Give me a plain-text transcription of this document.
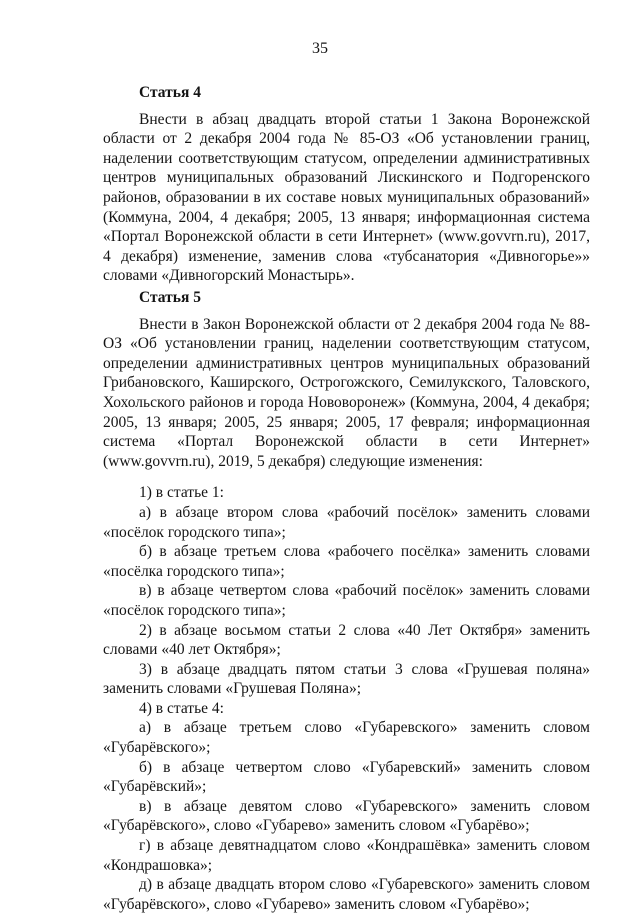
35
Статья 4

Внести в абзац двадцать второй статьи 1 Закона Воронежской области от 2 декабря 2004 года № 85-ОЗ «Об установлении границ, наделении соответствующим статусом, определении административных центров муниципальных образований Лискинского и Подгоренского районов, образовании в их составе новых муниципальных образований» (Коммуна, 2004, 4 декабря; 2005, 13 января; информационная система «Портал Воронежской области в сети Интернет» (www.govvrn.ru), 2017, 4 декабря) изменение, заменив слова «тубсанатория «Дивногорье»» словами «Дивногорский Монастырь».

Статья 5

Внести в Закон Воронежской области от 2 декабря 2004 года № 88-ОЗ «Об установлении границ, наделении соответствующим статусом, определении административных центров муниципальных образований Грибановского, Каширского, Острогожского, Семилукского, Таловского, Хохольского районов и города Нововоронеж» (Коммуна, 2004, 4 декабря; 2005, 13 января; 2005, 25 января; 2005, 17 февраля; информационная система «Портал Воронежской области в сети Интернет» (www.govvrn.ru), 2019, 5 декабря) следующие изменения:

1) в статье 1:

а) в абзаце втором слова «рабочий посёлок» заменить словами «посёлок городского типа»;

б) в абзаце третьем слова «рабочего посёлка» заменить словами «посёлка городского типа»;

в) в абзаце четвертом слова «рабочий посёлок» заменить словами «посёлок городского типа»;

2) в абзаце восьмом статьи 2 слова «40 Лет Октября» заменить словами «40 лет Октября»;

3) в абзаце двадцать пятом статьи 3 слова «Грушевая поляна» заменить словами «Грушевая Поляна»;

4) в статье 4:

а) в абзаце третьем слово «Губаревского» заменить словом «Губарёвского»;

б) в абзаце четвертом слово «Губаревский» заменить словом «Губарёвский»;

в) в абзаце девятом слово «Губаревского» заменить словом «Губарёвского», слово «Губарево» заменить словом «Губарёво»;

г) в абзаце девятнадцатом слово «Кондрашёвка» заменить словом «Кондрашовка»;

д) в абзаце двадцать втором слово «Губаревского» заменить словом «Губарёвского», слово «Губарево» заменить словом «Губарёво»;
